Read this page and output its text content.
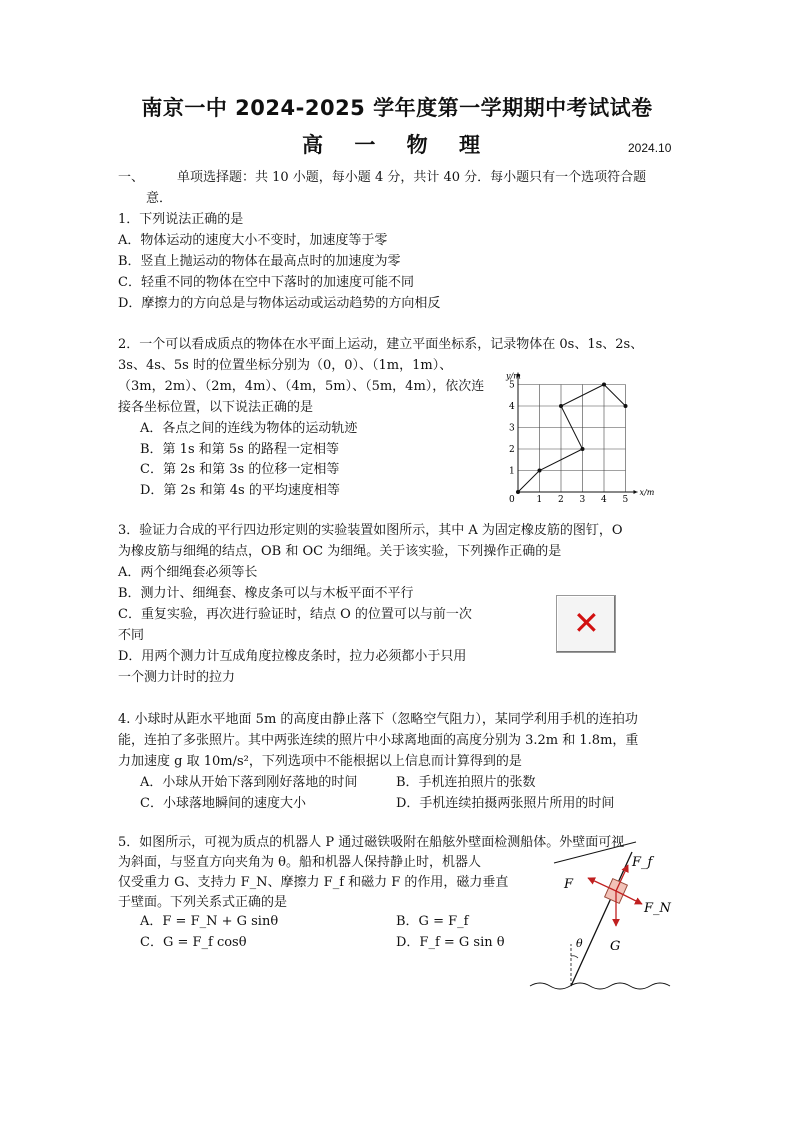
南京一中 2024-2025 学年度第一学期期中考试试卷
高 一 物 理	2024.10
一、	单项选择题：共 10 小题，每小题 4 分，共计 40 分．每小题只有一个选项符合题
意．
1．下列说法正确的是
A．物体运动的速度大小不变时，加速度等于零
B．竖直上抛运动的物体在最高点时的加速度为零
C．轻重不同的物体在空中下落时的加速度可能不同
D．摩擦力的方向总是与物体运动或运动趋势的方向相反
2．一个可以看成质点的物体在水平面上运动，建立平面坐标系，记录物体在 0s、1s、2s、
3s、4s、5s 时的位置坐标分别为（0，0）、（1m，1m）、
（3m，2m）、（2m，4m）、（4m，5m）、（5m，4m），依次连
接各坐标位置，以下说法正确的是
A．各点之间的连线为物体的运动轨迹
B．第 1s 和第 5s 的路程一定相等
C．第 2s 和第 3s 的位移一定相等
D．第 2s 和第 4s 的平均速度相等	x/m
y/m
0 1 2 3 4 5
1
2
3
4
5
3．验证力合成的平行四边形定则的实验装置如图所示，其中 A 为固定橡皮筋的图钉，O
为橡皮筋与细绳的结点，OB 和 OC 为细绳。关于该实验，下列操作正确的是
A．两个细绳套必须等长
B．测力计、细绳套、橡皮条可以与木板平面不平行
C．重复实验，再次进行验证时，结点 O 的位置可以与前一次
不同
D．用两个测力计互成角度拉橡皮条时，拉力必须都小于只用
一个测力计时的拉力
✕
4. 小球时从距水平地面 5m 的高度由静止落下（忽略空气阻力），某同学利用手机的连拍功
能，连拍了多张照片。其中两张连续的照片中小球离地面的高度分别为 3.2m 和 1.8m，重
力加速度 g 取 10m/s²，下列选项中不能根据以上信息而计算得到的是
A．小球从开始下落到刚好落地的时间	B．手机连拍照片的张数
C．小球落地瞬间的速度大小	D．手机连续拍摄两张照片所用的时间
5．如图所示，可视为质点的机器人 P 通过磁铁吸附在船舷外壁面检测船体。外壁面可视
为斜面，与竖直方向夹角为 θ。船和机器人保持静止时，机器人
仅受重力 G、支持力 F_N、摩擦力 F_f 和磁力 F 的作用，磁力垂直
于壁面。下列关系式正确的是
A．F = F_N + G sinθ	B．G = F_f
C．G = F_f cosθ	D．F_f = G sin θ	θ
F
F_f
F_N
G
